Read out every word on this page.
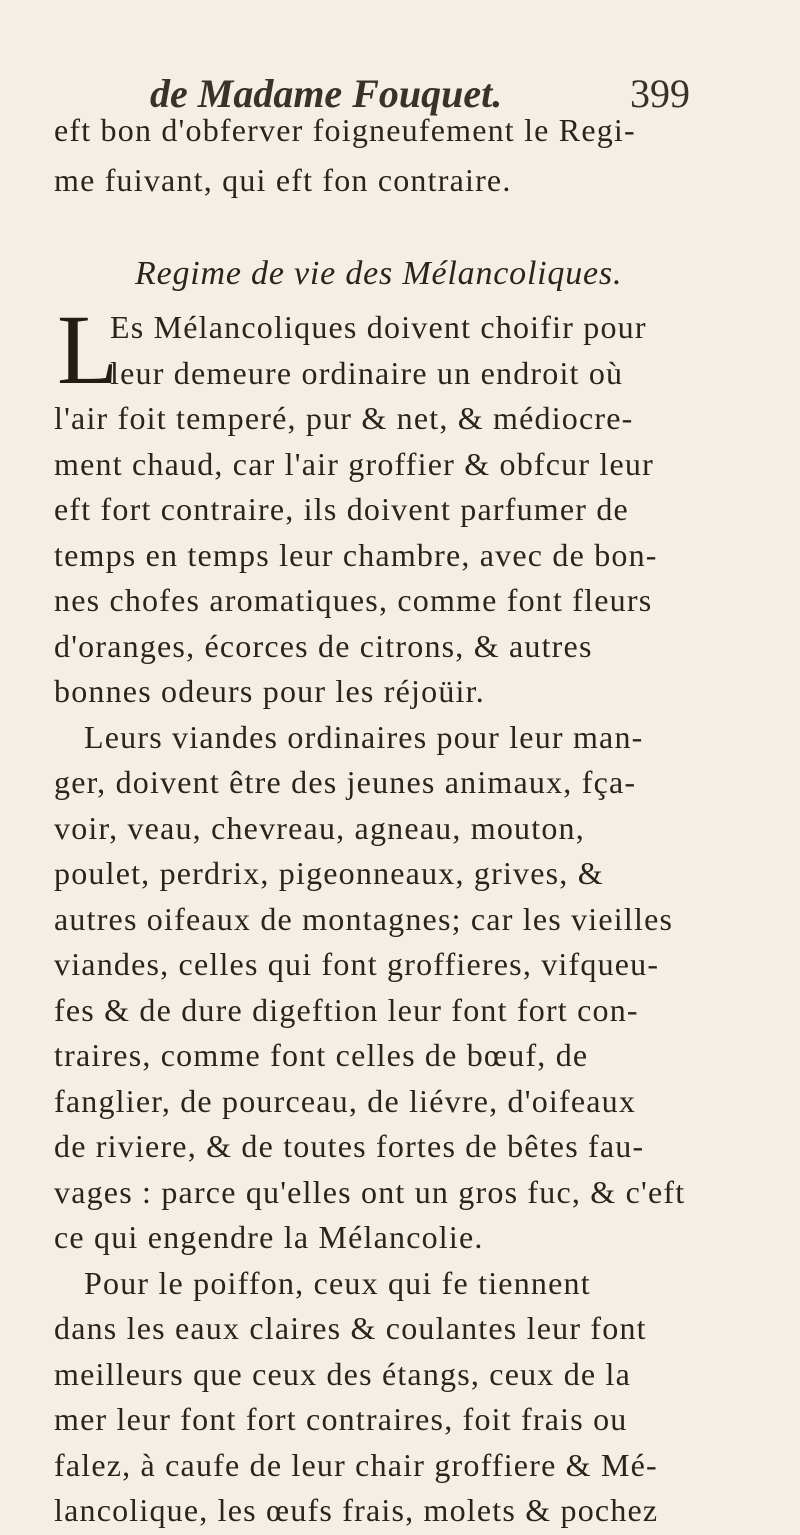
de Madame Fouquet.	399
Regime de vie des Mélancoliques.
L
eft bon d'obferver foigneufement le Regi-
me fuivant, qui eft fon contraire.
Es Mélancoliques doivent choifir pour
leur demeure ordinaire un endroit où
l'air foit temperé, pur & net, & médiocre-
ment chaud, car l'air groffier & obfcur leur
eft fort contraire, ils doivent parfumer de
temps en temps leur chambre, avec de bon-
nes chofes aromatiques, comme font fleurs
d'oranges, écorces de citrons, & autres
bonnes odeurs pour les réjoüir.
Leurs viandes ordinaires pour leur man-
ger, doivent être des jeunes animaux, fça-
voir, veau, chevreau, agneau, mouton,
poulet, perdrix, pigeonneaux, grives, &
autres oifeaux de montagnes; car les vieilles
viandes, celles qui font groffieres, vifqueu-
fes & de dure digeftion leur font fort con-
traires, comme font celles de bœuf, de
fanglier, de pourceau, de liévre, d'oifeaux
de riviere, & de toutes fortes de bêtes fau-
vages : parce qu'elles ont un gros fuc, & c'eft
ce qui engendre la Mélancolie.
Pour le poiffon, ceux qui fe tiennent
dans les eaux claires & coulantes leur font
meilleurs que ceux des étangs, ceux de la
mer leur font fort contraires, foit frais ou
falez, à caufe de leur chair groffiere & Mé-
lancolique, les œufs frais, molets & pochez
